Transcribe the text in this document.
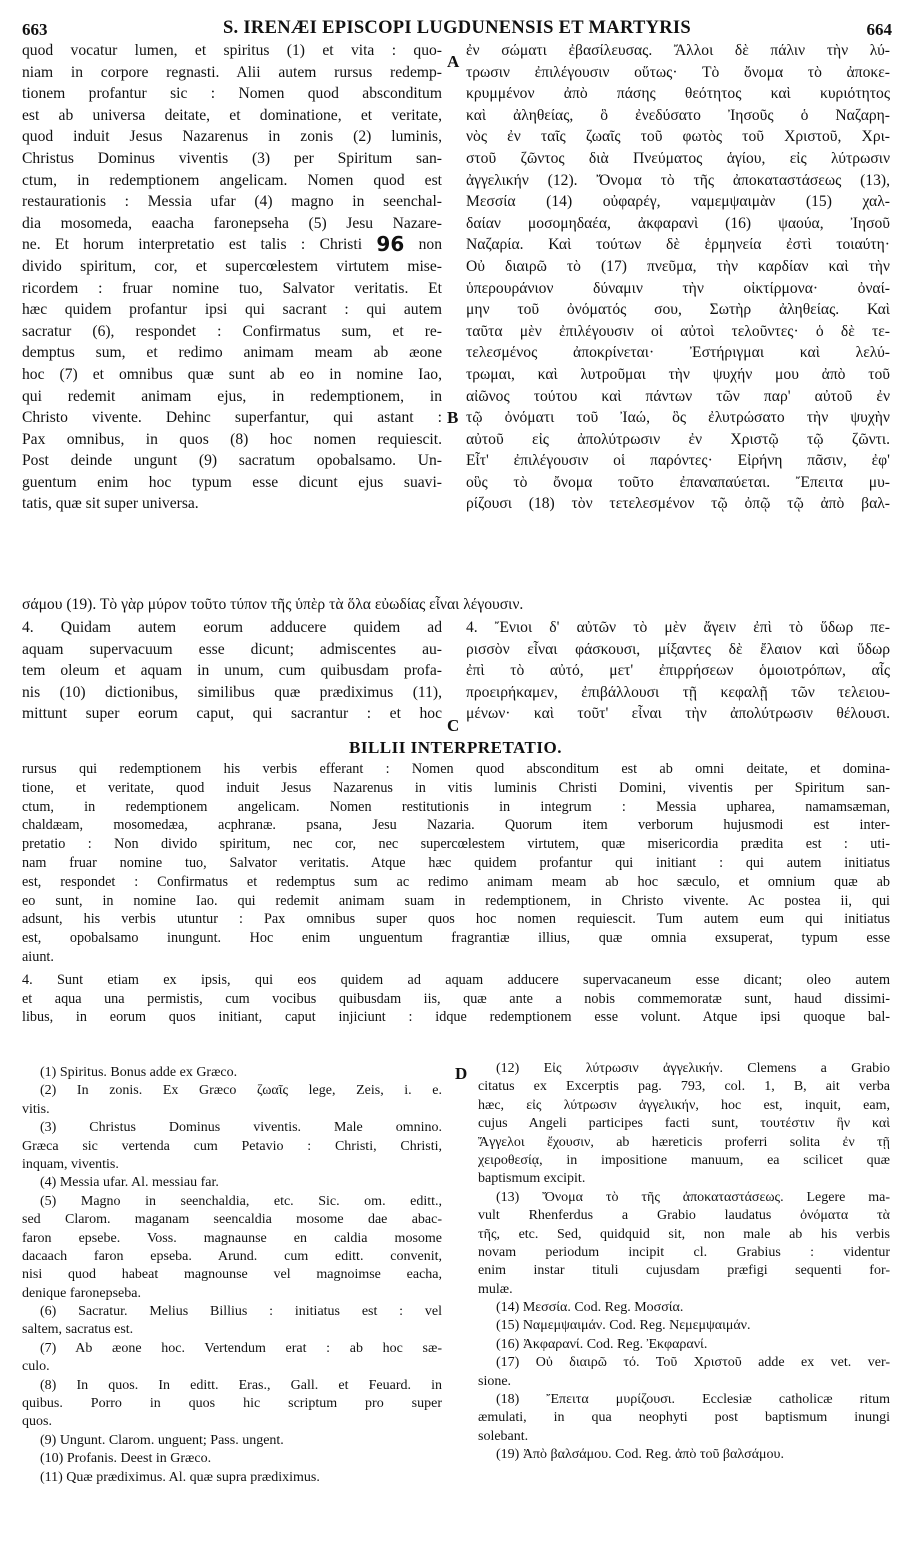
663	S. IRENÆI EPISCOPI LUGDUNENSIS ET MARTYRIS	664
quod vocatur lumen, et spiritus (1) et vita : quo-
niam in corpore regnasti. Alii autem rursus redemp-
tionem profantur sic : Nomen quod absconditum
est ab universa deitate, et dominatione, et veritate,
quod induit Jesus Nazarenus in zonis (2) luminis,
Christus Dominus viventis (3) per Spiritum san-
ctum, in redemptionem angelicam. Nomen quod est
restaurationis : Messia ufar (4) magno in seenchal-
dia mosomeda, eaacha faronepseha (5) Jesu Nazare-
ne. Et horum interpretatio est talis : Christi 96 non
divido spiritum, cor, et supercœlestem virtutem mise-
ricordem : fruar nomine tuo, Salvator veritatis. Et
hæc quidem profantur ipsi qui sacrant : qui autem
sacratur (6), respondet : Confirmatus sum, et re-
demptus sum, et redimo animam meam ab æone
hoc (7) et omnibus quæ sunt ab eo in nomine Iao,
qui redemit animam ejus, in redemptionem, in
Christo vivente. Dehinc superfantur, qui astant :
Pax omnibus, in quos (8) hoc nomen requiescit.
Post deinde ungunt (9) sacratum opobalsamo. Un-
guentum enim hoc typum esse dicunt ejus suavi-
tatis, quæ sit super universa.
ἐν σώματι ἐβασίλευσας. Ἄλλοι δὲ πάλιν τὴν λύ-
τρωσιν ἐπιλέγουσιν οὕτως· Τὸ ὄνομα τὸ ἀποκε-
κρυμμένον ἀπὸ πάσης θεότητος καὶ κυριότητος
καὶ ἀληθείας, ὃ ἐνεδύσατο Ἰησοῦς ὁ Ναζαρη-
νὸς ἐν ταῖς ζωαῖς τοῦ φωτὸς τοῦ Χριστοῦ, Χρι-
στοῦ ζῶντος διὰ Πνεύματος ἁγίου, εἰς λύτρωσιν
ἀγγελικήν (12). Ὄνομα τὸ τῆς ἀποκαταστάσεως (13),
Μεσσία (14) οὐφαρέγ, ναμεμψαιμὰν (15) χαλ-
δαίαν μοσομηδαέα, ἀκφαρανὶ (16) ψαούα, Ἰησοῦ
Ναζαρία. Καὶ τούτων δὲ ἑρμηνεία ἐστὶ τοιαύτη·
Οὐ διαιρῶ τὸ (17) πνεῦμα, τὴν καρδίαν καὶ τὴν
ὑπερουράνιον δύναμιν τὴν οἰκτίρμονα· ὀναί-
μην τοῦ ὀνόματός σου, Σωτὴρ ἀληθείας. Καὶ
ταῦτα μὲν ἐπιλέγουσιν οἱ αὐτοὶ τελοῦντες· ὁ δὲ τε-
τελεσμένος ἀποκρίνεται· Ἐστήριγμαι καὶ λελύ-
τρωμαι, καὶ λυτροῦμαι τὴν ψυχήν μου ἀπὸ τοῦ
αἰῶνος τούτου καὶ πάντων τῶν παρ' αὐτοῦ ἐν
τῷ ὀνόματι τοῦ Ἰαώ, ὃς ἐλυτρώσατο τὴν ψυχὴν
αὐτοῦ εἰς ἀπολύτρωσιν ἐν Χριστῷ τῷ ζῶντι.
Εἶτ' ἐπιλέγουσιν οἱ παρόντες· Εἰρήνη πᾶσιν, ἐφ'
οὓς τὸ ὄνομα τοῦτο ἐπαναπαύεται. Ἔπειτα μυ-
ρίζουσι (18) τὸν τετελεσμένον τῷ ὀπῷ τῷ ἀπὸ βαλ-
A
B
C
D
σάμου (19). Τὸ γὰρ μύρον τοῦτο τύπον τῆς ὑπὲρ τὰ ὅλα εὐωδίας εἶναι λέγουσιν.
4. Quidam autem eorum adducere quidem ad
aquam supervacuum esse dicunt; admiscentes au-
tem oleum et aquam in unum, cum quibusdam profa-
nis (10) dictionibus, similibus quæ prædiximus (11),
mittunt super eorum caput, qui sacrantur : et hoc
4. Ἔνιοι δ' αὐτῶν τὸ μὲν ἄγειν ἐπὶ τὸ ὕδωρ πε-
ρισσὸν εἶναι φάσκουσι, μίξαντες δὲ ἔλαιον καὶ ὕδωρ
ἐπὶ τὸ αὐτό, μετ' ἐπιρρήσεων ὁμοιοτρόπων, αἷς
προειρήκαμεν, ἐπιβάλλουσι τῇ κεφαλῇ τῶν τελειου-
μένων· καὶ τοῦτ' εἶναι τὴν ἀπολύτρωσιν θέλουσι.
BILLII INTERPRETATIO.
rursus qui redemptionem his verbis efferant : Nomen quod absconditum est ab omni deitate, et domina-
tione, et veritate, quod induit Jesus Nazarenus in vitis luminis Christi Domini, viventis per Spiritum san-
ctum, in redemptionem angelicam. Nomen restitutionis in integrum : Messia upharea, namamsæman,
chaldæam, mosomedæa, acphranæ. psana, Jesu Nazaria. Quorum item verborum hujusmodi est inter-
pretatio : Non divido spiritum, nec cor, nec supercœlestem virtutem, quæ misericordia prædita est : uti-
nam fruar nomine tuo, Salvator veritatis. Atque hæc quidem profantur qui initiant : qui autem initiatus
est, respondet : Confirmatus et redemptus sum ac redimo animam meam ab hoc sæculo, et omnium quæ ab
eo sunt, in nomine Iao. qui redemit animam suam in redemptionem, in Christo vivente. Ac postea ii, qui
adsunt, his verbis utuntur : Pax omnibus super quos hoc nomen requiescit. Tum autem eum qui initiatus
est, opobalsamo inungunt. Hoc enim unguentum fragrantiæ illius, quæ omnia exsuperat, typum esse
aiunt.
4. Sunt etiam ex ipsis, qui eos quidem ad aquam adducere supervacaneum esse dicant; oleo autem
et aqua una permistis, cum vocibus quibusdam iis, quæ ante a nobis commemoratæ sunt, haud dissimi-
libus, in eorum quos initiant, caput injiciunt : idque redemptionem esse volunt. Atque ipsi quoque bal-
(1) Spiritus. Bonus adde ex Græco.
(2) In zonis. Ex Græco ζωαῖς lege, Zeis, i. e.
vitis.
(3) Christus Dominus viventis. Male omnino.
Græca sic vertenda cum Petavio : Christi, Christi,
inquam, viventis.
(4) Messia ufar. Al. messiau far.
(5) Magno in seenchaldia, etc. Sic. om. editt.,
sed Clarom. maganam seencaldia mosome dae abac-
faron epsebe. Voss. magnaunse en caldia mosome
dacaach faron epseba. Arund. cum editt. convenit,
nisi quod habeat magnounse vel magnoimse eacha,
denique faronepseba.
(6) Sacratur. Melius Billius : initiatus est : vel
saltem, sacratus est.
(7) Ab æone hoc. Vertendum erat : ab hoc sæ-
culo.
(8) In quos. In editt. Eras., Gall. et Feuard. in
quibus. Porro in quos hic scriptum pro super
quos.
(9) Ungunt. Clarom. unguent; Pass. ungent.
(10) Profanis. Deest in Græco.
(11) Quæ prædiximus. Al. quæ supra prædiximus.
(12) Εἰς λύτρωσιν ἀγγελικήν. Clemens a Grabio
citatus ex Excerptis pag. 793, col. 1, B, ait verba
hæc, εἰς λύτρωσιν ἀγγελικήν, hoc est, inquit, eam,
cujus Angeli participes facti sunt, τουτέστιν ἣν καὶ
Ἄγγελοι ἔχουσιν, ab hæreticis proferri solita ἐν τῇ
χειροθεσίᾳ, in impositione manuum, ea scilicet quæ
baptismum excipit.
(13) Ὄνομα τὸ τῆς ἀποκαταστάσεως. Legere ma-
vult Rhenferdus a Grabio laudatus ὀνόματα τὰ
τῆς, etc. Sed, quidquid sit, non male ab his verbis
novam periodum incipit cl. Grabius : videntur
enim instar tituli cujusdam præfigi sequenti for-
mulæ.
(14) Μεσσία. Cod. Reg. Μοσσία.
(15) Ναμεμψαιμάν. Cod. Reg. Νεμεμψαιμάν.
(16) Ἀκφαρανί. Cod. Reg. Ἐκφαρανί.
(17) Οὐ διαιρῶ τό. Τοῦ Χριστοῦ adde ex vet. ver-
sione.
(18) Ἔπειτα μυρίζουσι. Ecclesiæ catholicæ ritum
æmulati, in qua neophyti post baptismum inungi
solebant.
(19) Ἀπὸ βαλσάμου. Cod. Reg. ἀπὸ τοῦ βαλσάμου.
